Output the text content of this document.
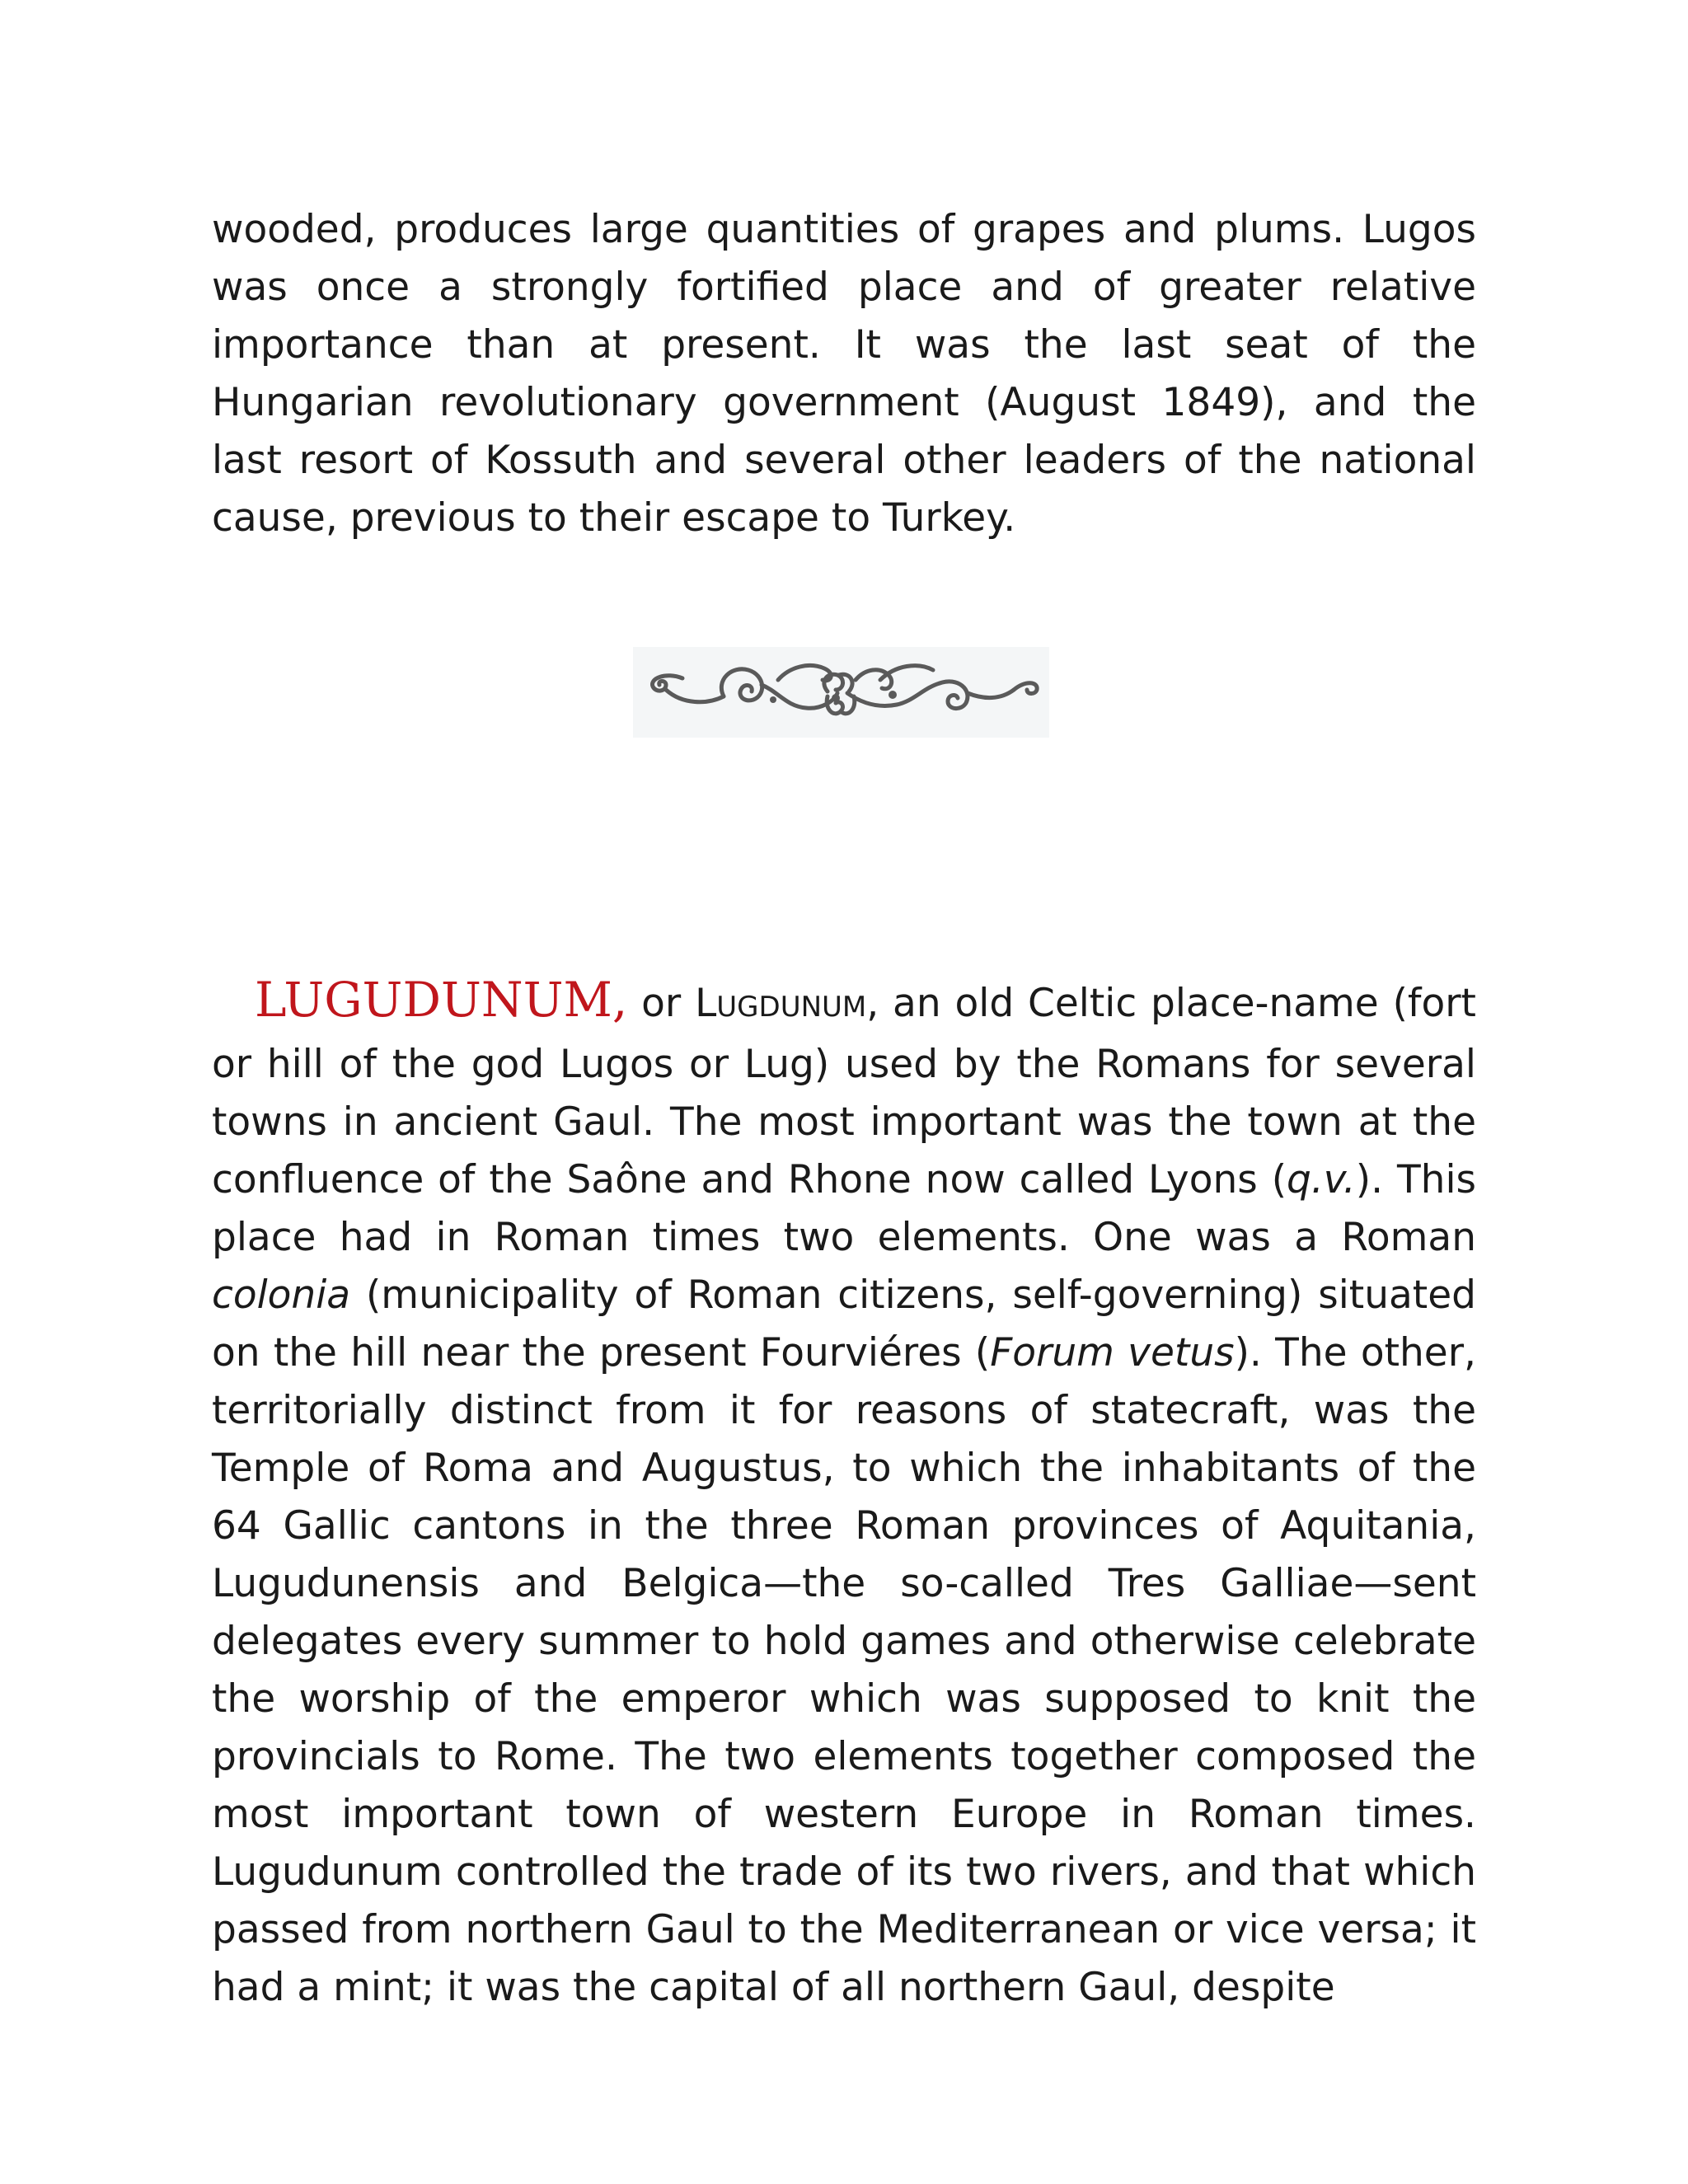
wooded, produces large quantities of grapes and plums. Lugos was once a strongly fortified place and of greater relative importance than at present. It was the last seat of the Hungarian revolutionary government (August 1849), and the last resort of Kossuth and several other leaders of the national cause, previous to their escape to Turkey.

LUGUDUNUM, or LUGDUNUM, an old Celtic place-name (fort or hill of the god Lugos or Lug) used by the Romans for several towns in ancient Gaul. The most important was the town at the confluence of the Saône and Rhone now called Lyons (q.v.). This place had in Roman times two elements. One was a Roman colonia (municipality of Roman citizens, self-governing) situated on the hill near the present Fourviéres (Forum vetus). The other, territorially distinct from it for reasons of statecraft, was the Temple of Roma and Augustus, to which the inhabitants of the 64 Gallic cantons in the three Roman provinces of Aquitania, Lugudunensis and Belgica—the so-called Tres Galliae—sent delegates every summer to hold games and otherwise celebrate the worship of the emperor which was supposed to knit the provincials to Rome. The two elements together composed the most important town of western Europe in Roman times. Lugudunum controlled the trade of its two rivers, and that which passed from northern Gaul to the Mediterranean or vice versa; it had a mint; it was the capital of all northern Gaul, despite
